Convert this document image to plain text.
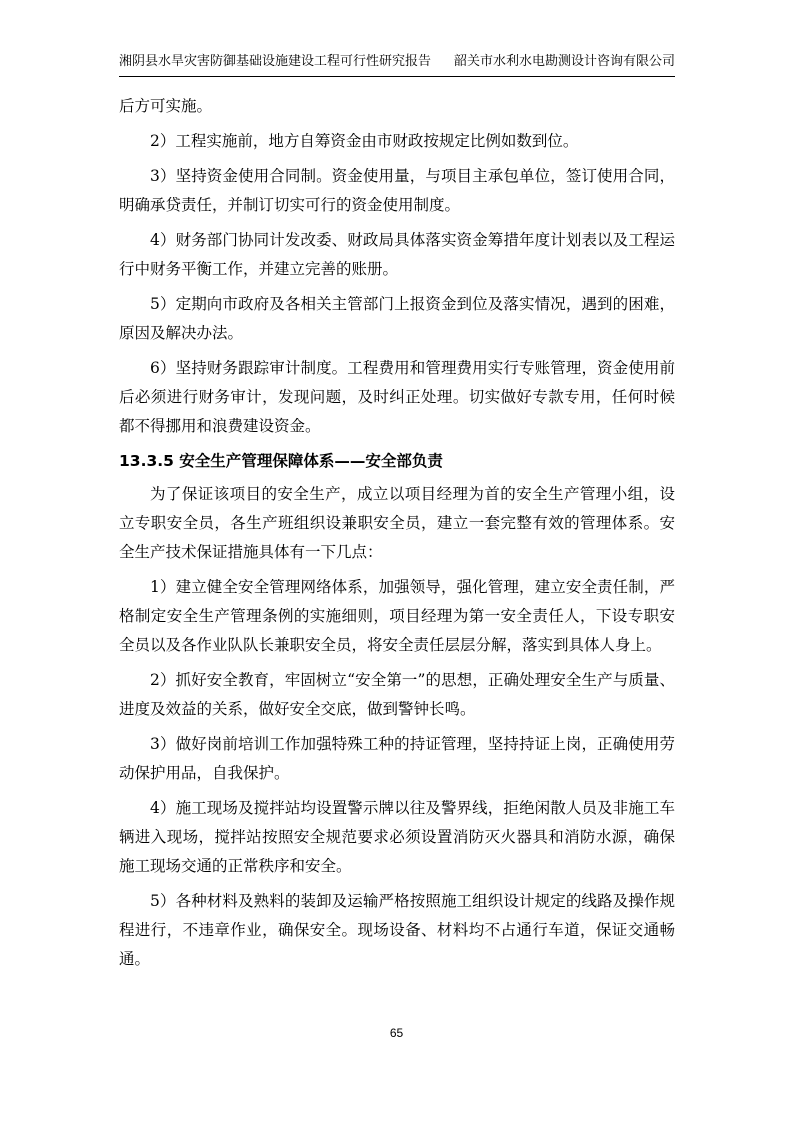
湘阴县水旱灾害防御基础设施建设工程可行性研究报告 韶关市水利水电勘测设计咨询有限公司

后方可实施。

2）工程实施前，地方自筹资金由市财政按规定比例如数到位。

3）坚持资金使用合同制。资金使用量，与项目主承包单位，签订使用合同，明确承贷责任，并制订切实可行的资金使用制度。

4）财务部门协同计发改委、财政局具体落实资金筹措年度计划表以及工程运行中财务平衡工作，并建立完善的账册。

5）定期向市政府及各相关主管部门上报资金到位及落实情况，遇到的困难，原因及解决办法。

6）坚持财务跟踪审计制度。工程费用和管理费用实行专账管理，资金使用前后必须进行财务审计，发现问题，及时纠正处理。切实做好专款专用，任何时候都不得挪用和浪费建设资金。

13.3.5 安全生产管理保障体系——安全部负责

为了保证该项目的安全生产，成立以项目经理为首的安全生产管理小组，设立专职安全员，各生产班组织设兼职安全员，建立一套完整有效的管理体系。安全生产技术保证措施具体有一下几点：

1）建立健全安全管理网络体系，加强领导，强化管理，建立安全责任制，严格制定安全生产管理条例的实施细则，项目经理为第一安全责任人，下设专职安全员以及各作业队队长兼职安全员，将安全责任层层分解，落实到具体人身上。

2）抓好安全教育，牢固树立“安全第一”的思想，正确处理安全生产与质量、进度及效益的关系，做好安全交底，做到警钟长鸣。

3）做好岗前培训工作加强特殊工种的持证管理，坚持持证上岗，正确使用劳动保护用品，自我保护。

4）施工现场及搅拌站均设置警示牌以往及警界线，拒绝闲散人员及非施工车辆进入现场，搅拌站按照安全规范要求必须设置消防灭火器具和消防水源，确保施工现场交通的正常秩序和安全。

5）各种材料及熟料的装卸及运输严格按照施工组织设计规定的线路及操作规程进行，不违章作业，确保安全。现场设备、材料均不占通行车道，保证交通畅通。

65
